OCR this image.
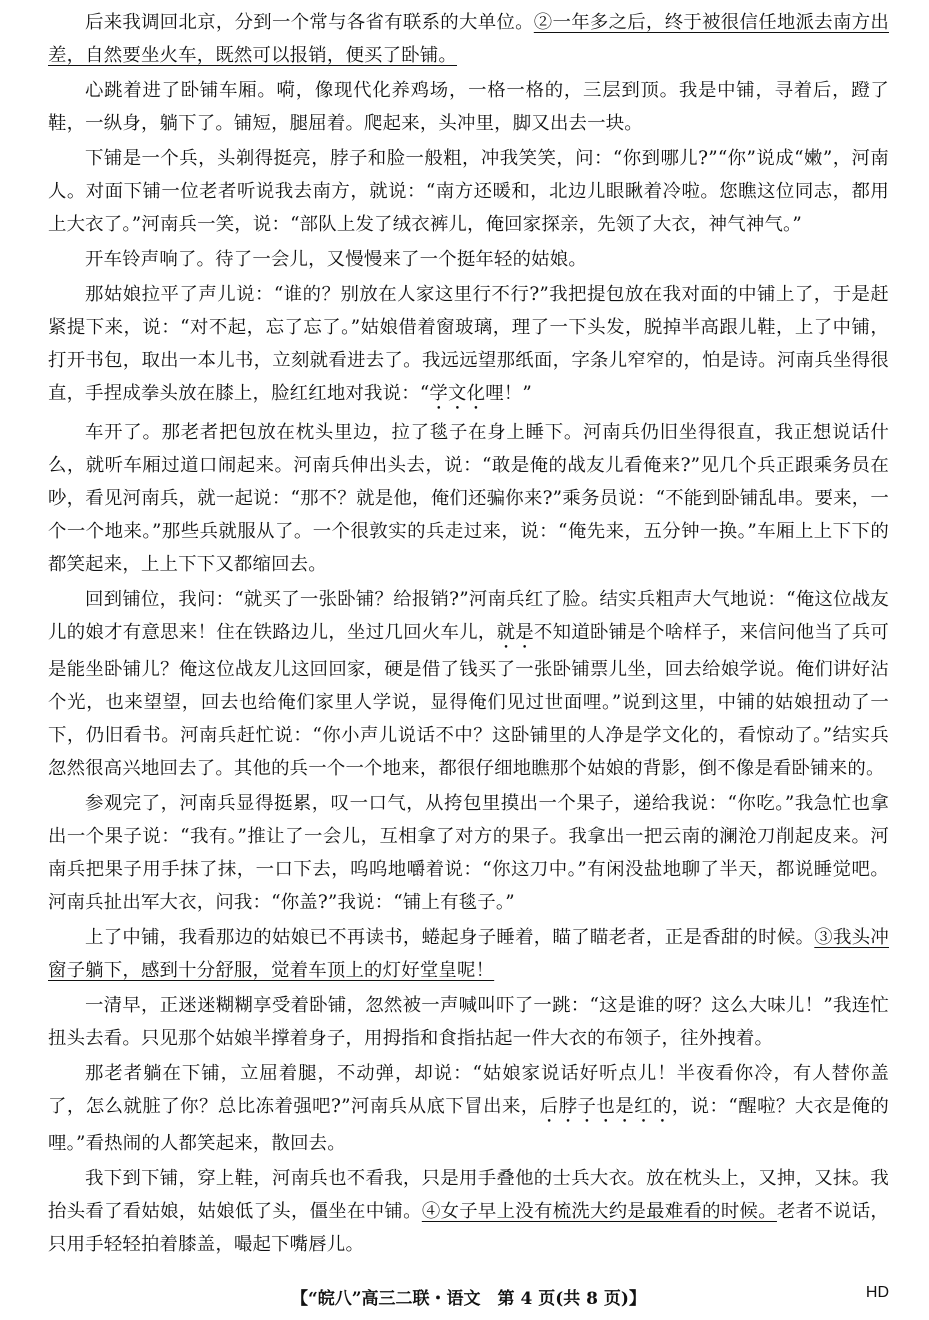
后来我调回北京，分到一个常与各省有联系的大单位。②一年多之后，终于被很信任地派去南方出差，自然要坐火车，既然可以报销，便买了卧铺。

心跳着进了卧铺车厢。嗬，像现代化养鸡场，一格一格的，三层到顶。我是中铺，寻着后，蹬了鞋，一纵身，躺下了。铺短，腿屈着。爬起来，头冲里，脚又出去一块。

下铺是一个兵，头剃得挺亮，脖子和脸一般粗，冲我笑笑，问：“你到哪儿?”“你”说成“嫩”，河南人。对面下铺一位老者听说我去南方，就说：“南方还暖和，北边儿眼瞅着冷啦。您瞧这位同志，都用上大衣了。”河南兵一笑，说：“部队上发了绒衣裤儿，俺回家探亲，先领了大衣，神气神气。”

开车铃声响了。待了一会儿，又慢慢来了一个挺年轻的姑娘。

那姑娘拉平了声儿说：“谁的？别放在人家这里行不行?”我把提包放在我对面的中铺上了，于是赶紧提下来，说：“对不起，忘了忘了。”姑娘借着窗玻璃，理了一下头发，脱掉半高跟儿鞋，上了中铺，打开书包，取出一本儿书，立刻就看进去了。我远远望那纸面，字条儿窄窄的，怕是诗。河南兵坐得很直，手捏成拳头放在膝上，脸红红地对我说：“学文化哩！”

车开了。那老者把包放在枕头里边，拉了毯子在身上睡下。河南兵仍旧坐得很直，我正想说话什么，就听车厢过道口闹起来。河南兵伸出头去，说：“敢是俺的战友儿看俺来?”见几个兵正跟乘务员在吵，看见河南兵，就一起说：“那不？就是他，俺们还骗你来?”乘务员说：“不能到卧铺乱串。要来，一个一个地来。”那些兵就服从了。一个很敦实的兵走过来，说：“俺先来，五分钟一换。”车厢上上下下的都笑起来，上上下下又都缩回去。

回到铺位，我问：“就买了一张卧铺？给报销?”河南兵红了脸。结实兵粗声大气地说：“俺这位战友儿的娘才有意思来！住在铁路边儿，坐过几回火车儿，就是不知道卧铺是个啥样子，来信问他当了兵可是能坐卧铺儿？俺这位战友儿这回回家，硬是借了钱买了一张卧铺票儿坐，回去给娘学说。俺们讲好沾个光，也来望望，回去也给俺们家里人学说，显得俺们见过世面哩。”说到这里，中铺的姑娘扭动了一下，仍旧看书。河南兵赶忙说：“你小声儿说话不中？这卧铺里的人净是学文化的，看惊动了。”结实兵忽然很高兴地回去了。其他的兵一个一个地来，都很仔细地瞧那个姑娘的背影，倒不像是看卧铺来的。

参观完了，河南兵显得挺累，叹一口气，从挎包里摸出一个果子，递给我说：“你吃。”我急忙也拿出一个果子说：“我有。”推让了一会儿，互相拿了对方的果子。我拿出一把云南的澜沧刀削起皮来。河南兵把果子用手抹了抹，一口下去，呜呜地嚼着说：“你这刀中。”有闲没盐地聊了半天，都说睡觉吧。河南兵扯出军大衣，问我：“你盖?”我说：“铺上有毯子。”

上了中铺，我看那边的姑娘已不再读书，蜷起身子睡着，瞄了瞄老者，正是香甜的时候。③我头冲窗子躺下，感到十分舒服，觉着车顶上的灯好堂皇呢！

一清早，正迷迷糊糊享受着卧铺，忽然被一声喊叫吓了一跳：“这是谁的呀？这么大味儿！”我连忙扭头去看。只见那个姑娘半撑着身子，用拇指和食指拈起一件大衣的布领子，往外拽着。

那老者躺在下铺，立屈着腿，不动弹，却说：“姑娘家说话好听点儿！半夜看你冷，有人替你盖了，怎么就脏了你？总比冻着强吧?”河南兵从底下冒出来，后脖子也是红的，说：“醒啦？大衣是俺的哩。”看热闹的人都笑起来，散回去。

我下到下铺，穿上鞋，河南兵也不看我，只是用手叠他的士兵大衣。放在枕头上，又抻，又抹。我抬头看了看姑娘，姑娘低了头，僵坐在中铺。④女子早上没有梳洗大约是最难看的时候。老者不说话，只用手轻轻拍着膝盖，嘬起下嘴唇儿。

【“皖八”高三二联・语文　第 4 页(共 8 页)】	HD
